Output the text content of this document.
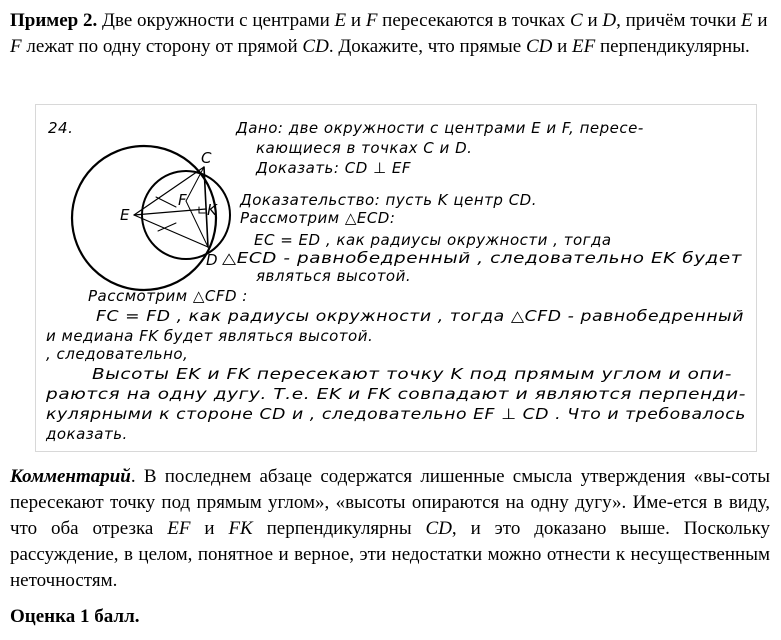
Пример 2. Две окружности с центрами E и F пересекаются в точках C и D, причём точки E и F лежат по одну сторону от прямой CD. Докажите, что прямые CD и EF перпендикулярны.
24.
C
D
E
F
K
Дано: две окружности с центрами E и F, пересе-
кающиеся в точках C и D.
Доказать: CD ⊥ EF
Доказательство: пусть K центр CD.
Рассмотрим △ECD:
EC = ED , как радиусы окружности , тогда
△ECD - равнобедренный , следовательно EK будет
являться высотой.
Рассмотрим △CFD :
FC = FD , как радиусы окружности , тогда △CFD - равнобедренный
и медиана FK будет являться высотой.
, следовательно,
Высоты EK и FK пересекают точку K под прямым углом и опи-
раются на одну дугу. Т.е. EK и FK совпадают и являются перпенди-
кулярными к стороне CD и , следовательно EF ⊥ CD . Что и требовалось
доказать.
Комментарий. В последнем абзаце содержатся лишенные смысла утверждения «вы-соты пересекают точку под прямым углом», «высоты опираются на одну дугу». Име-ется в виду, что оба отрезка EF и FK перпендикулярны CD, и это доказано выше. Поскольку рассуждение, в целом, понятное и верное, эти недостатки можно отнести к несущественным неточностям.
Оценка 1 балл.
